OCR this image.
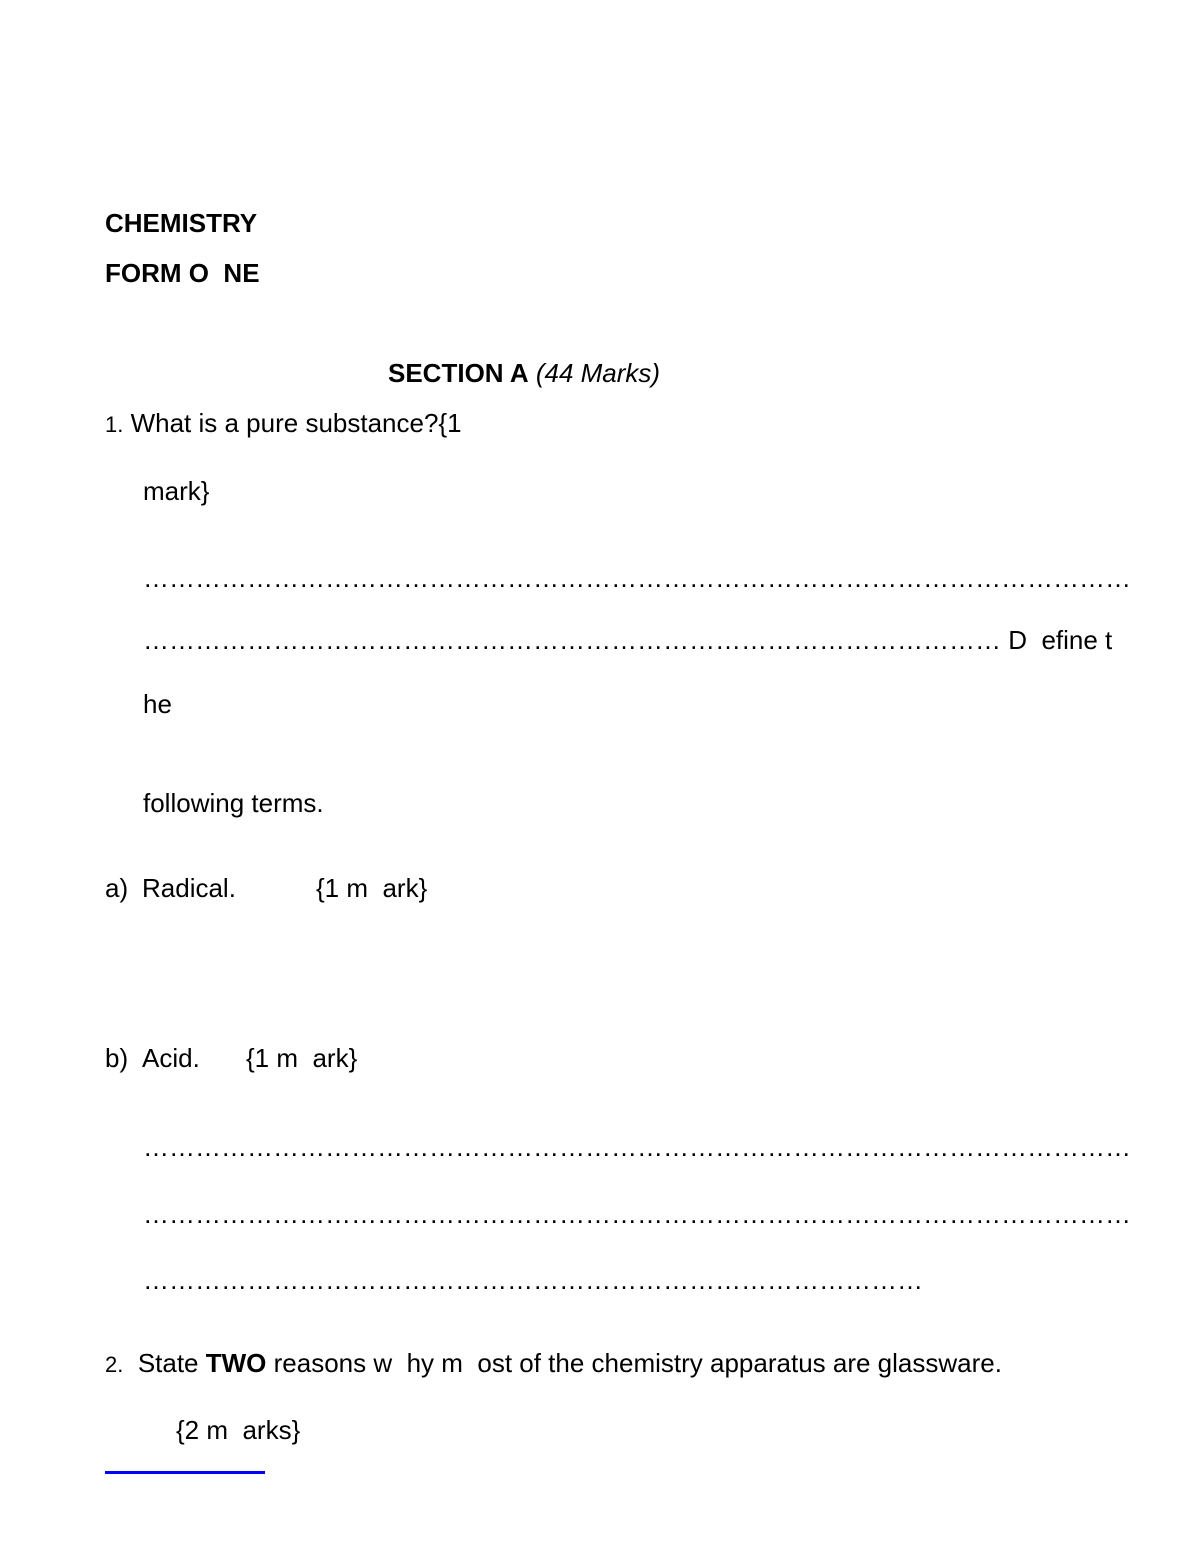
CHEMISTRY
FORM O  NE
SECTION A (44 Marks)
1. What is a pure substance?{1
mark}
……………………………………………………………………………………………………
……………………………………………………………………………………… D  efine t
he
following terms.
a) Radical.	{1 m  ark}
b) Acid. {1 m  ark}
……………………………………………………………………………………………………
……………………………………………………………………………………………………
………………………………………………………………………………
2. State TWO reasons w  hy m  ost of the chemistry apparatus are glassware.
{2 m  arks}
